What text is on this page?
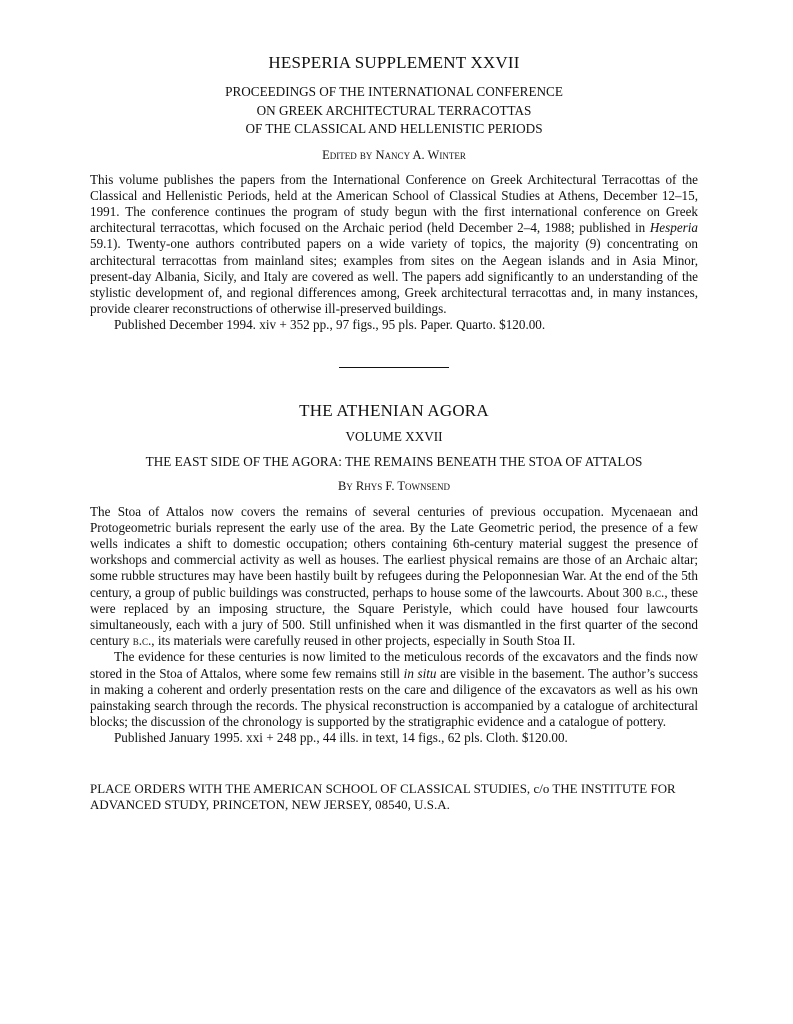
HESPERIA SUPPLEMENT XXVII

PROCEEDINGS OF THE INTERNATIONAL CONFERENCE

ON GREEK ARCHITECTURAL TERRACOTTAS

OF THE CLASSICAL AND HELLENISTIC PERIODS

Edited by Nancy A. Winter

This volume publishes the papers from the International Conference on Greek Architectural Terracottas of the Classical and Hellenistic Periods, held at the American School of Classical Studies at Athens, December 12–15, 1991. The conference continues the program of study begun with the first international conference on Greek architectural terracottas, which focused on the Archaic period (held December 2–4, 1988; published in Hesperia 59.1). Twenty-one authors contributed papers on a wide variety of topics, the majority (9) concentrating on architectural terracottas from mainland sites; examples from sites on the Aegean islands and in Asia Minor, present-day Albania, Sicily, and Italy are covered as well. The papers add significantly to an understanding of the stylistic development of, and regional differences among, Greek architectural terracottas and, in many instances, provide clearer reconstructions of otherwise ill-preserved buildings.

Published December 1994. xiv + 352 pp., 97 figs., 95 pls. Paper. Quarto. $120.00.

THE ATHENIAN AGORA

VOLUME XXVII

THE EAST SIDE OF THE AGORA: THE REMAINS BENEATH THE STOA OF ATTALOS

By Rhys F. Townsend

The Stoa of Attalos now covers the remains of several centuries of previous occupation. Mycenaean and Protogeometric burials represent the early use of the area. By the Late Geometric period, the presence of a few wells indicates a shift to domestic occupation; others containing 6th-century material suggest the presence of workshops and commercial activity as well as houses. The earliest physical remains are those of an Archaic altar; some rubble structures may have been hastily built by refugees during the Peloponnesian War. At the end of the 5th century, a group of public buildings was constructed, perhaps to house some of the lawcourts. About 300 b.c., these were replaced by an imposing structure, the Square Peristyle, which could have housed four lawcourts simultaneously, each with a jury of 500. Still unfinished when it was dismantled in the first quarter of the second century b.c., its materials were carefully reused in other projects, especially in South Stoa II.

The evidence for these centuries is now limited to the meticulous records of the excavators and the finds now stored in the Stoa of Attalos, where some few remains still in situ are visible in the basement. The author’s success in making a coherent and orderly presentation rests on the care and diligence of the excavators as well as his own painstaking search through the records. The physical reconstruction is accompanied by a catalogue of architectural blocks; the discussion of the chronology is supported by the stratigraphic evidence and a catalogue of pottery.

Published January 1995. xxi + 248 pp., 44 ills. in text, 14 figs., 62 pls. Cloth. $120.00.

PLACE ORDERS WITH THE AMERICAN SCHOOL OF CLASSICAL STUDIES, c/o THE INSTITUTE FOR

ADVANCED STUDY, PRINCETON, NEW JERSEY, 08540, U.S.A.
